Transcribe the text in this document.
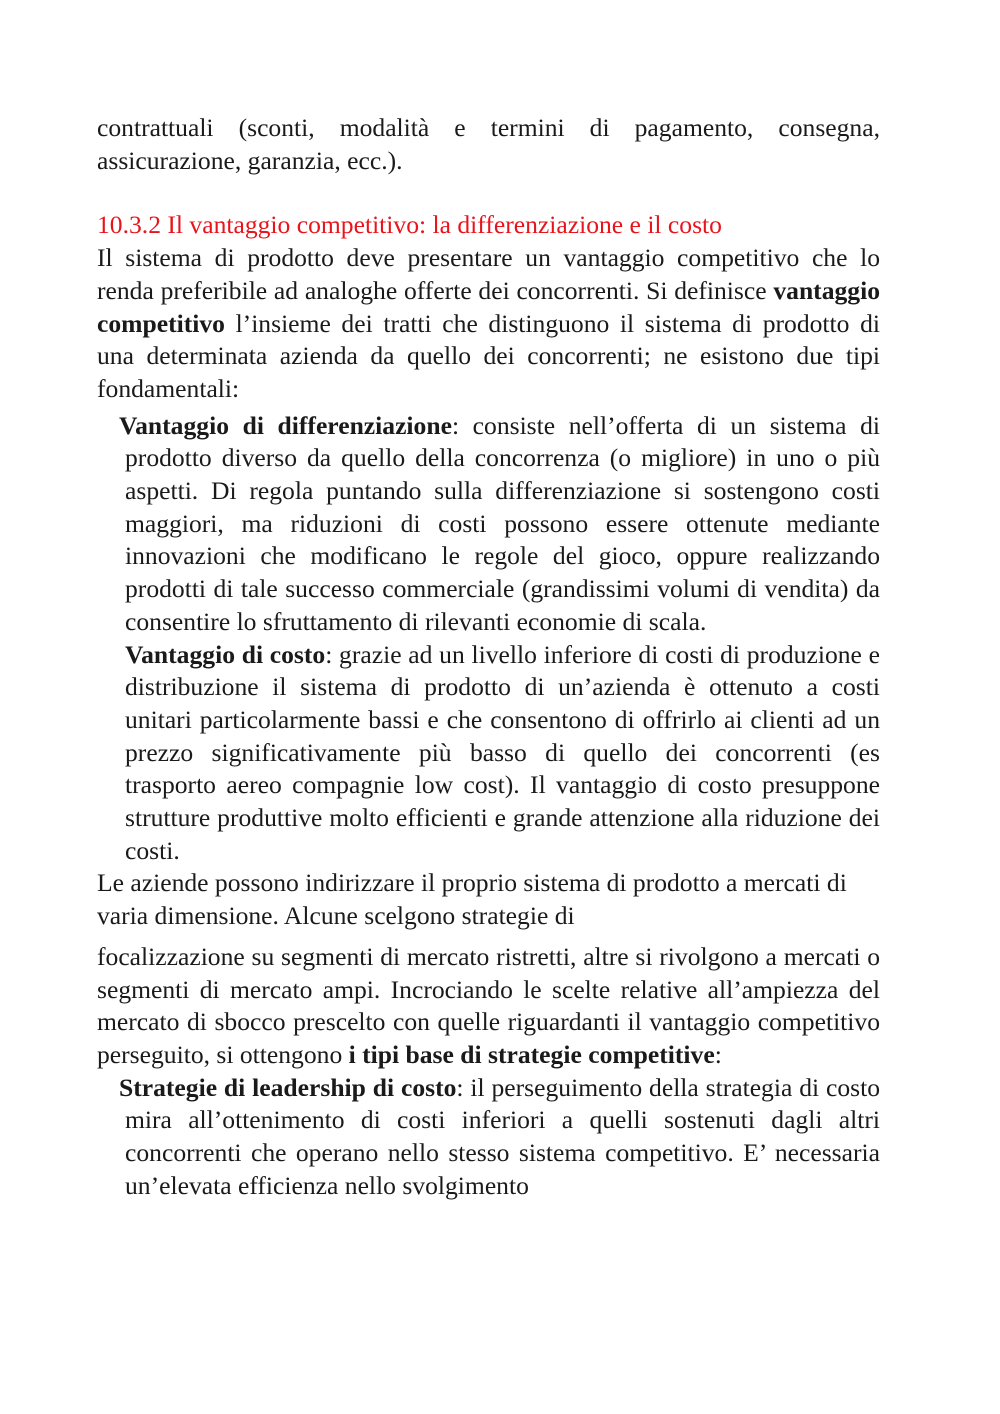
contrattuali (sconti, modalità e termini di pagamento, consegna, assicurazione, garanzia, ecc.).

10.3.2 Il vantaggio competitivo: la differenziazione e il costo

Il sistema di prodotto deve presentare un vantaggio competitivo che lo renda preferibile ad analoghe offerte dei concorrenti. Si definisce vantaggio competitivo l’insieme dei tratti che distinguono il sistema di prodotto di una determinata azienda da quello dei concorrenti; ne esistono due tipi fondamentali:

Vantaggio di differenziazione: consiste nell’offerta di un sistema di prodotto diverso da quello della concorrenza (o migliore) in uno o più aspetti. Di regola puntando sulla differenziazione si sostengono costi maggiori, ma riduzioni di costi possono essere ottenute mediante innovazioni che modificano le regole del gioco, oppure realizzando prodotti di tale successo commerciale (grandissimi volumi di vendita) da consentire lo sfruttamento di rilevanti economie di scala.

Vantaggio di costo: grazie ad un livello inferiore di costi di produzione e distribuzione il sistema di prodotto di un’azienda è ottenuto a costi unitari particolarmente bassi e che consentono di offrirlo ai clienti ad un prezzo significativamente più basso di quello dei concorrenti (es trasporto aereo compagnie low cost). Il vantaggio di costo presuppone strutture produttive molto efficienti e grande attenzione alla riduzione dei costi.

Le aziende possono indirizzare il proprio sistema di prodotto a mercati di varia dimensione. Alcune scelgono strategie di

focalizzazione su segmenti di mercato ristretti, altre si rivolgono a mercati o segmenti di mercato ampi. Incrociando le scelte relative all’ampiezza del mercato di sbocco prescelto con quelle riguardanti il vantaggio competitivo perseguito, si ottengono i tipi base di strategie competitive:

Strategie di leadership di costo: il perseguimento della strategia di costo mira all’ottenimento di costi inferiori a quelli sostenuti dagli altri concorrenti che operano nello stesso sistema competitivo. E’ necessaria un’elevata efficienza nello svolgimento
